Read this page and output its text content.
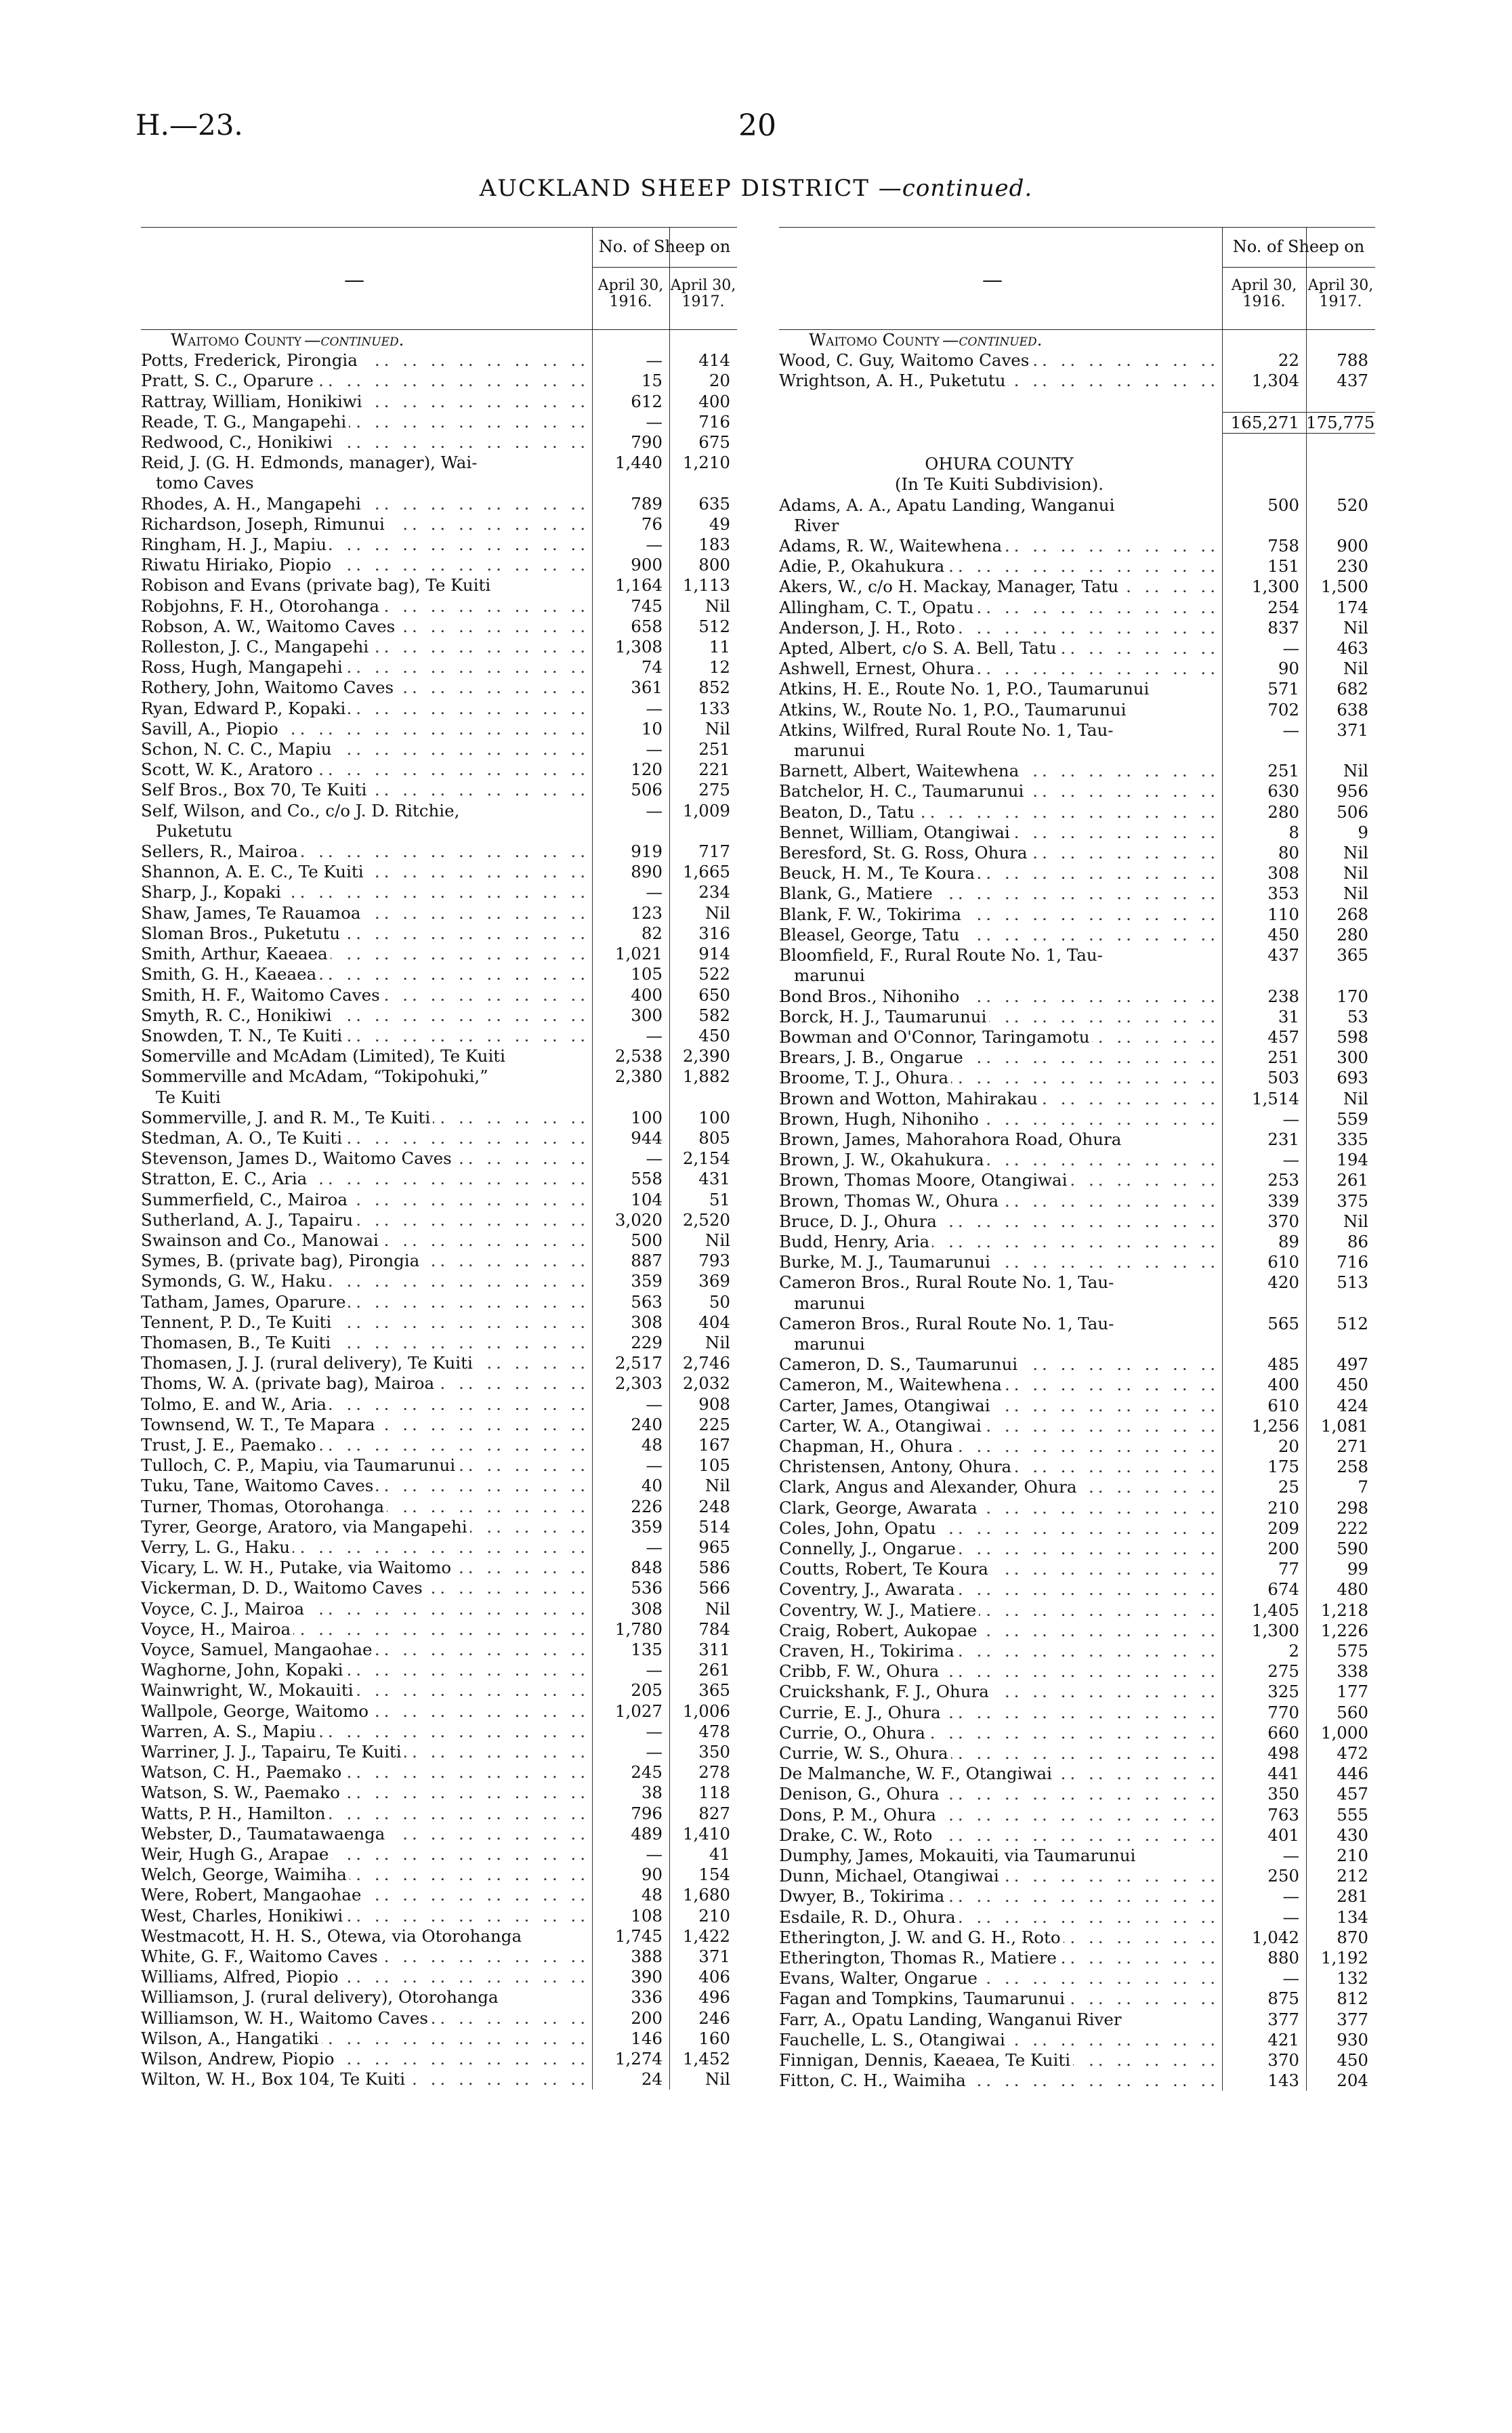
H.—23.	20
AUCKLAND SHEEP DISTRICT —continued.
—
No. of Sheep on
April 30,
1916.
April 30,
1917.
Waitomo County —continued.
Potts, Frederick, Pirongia .. ..	—	414
Pratt, S. C., Oparure .. ..	15	20
Rattray, William, Honikiwi .. ..	612	400
Reade, T. G., Mangapehi .. ..	—	716
Redwood, C., Honikiwi .. ..	790	675
Reid, J. (G. H. Edmonds, manager), Wai-	1,440	1,210
tomo Caves
Rhodes, A. H., Mangapehi .. ..	789	635
Richardson, Joseph, Rimunui .. ..	76	49
Ringham, H. J., Mapiu .. ..	—	183
Riwatu Hiriako, Piopio .. ..	900	800
Robison and Evans (private bag), Te Kuiti	1,164	1,113
Robjohns, F. H., Otorohanga .. ..	745	Nil
Robson, A. W., Waitomo Caves .. ..	658	512
Rolleston, J. C., Mangapehi .. ..	1,308	11
Ross, Hugh, Mangapehi .. ..	74	12
Rothery, John, Waitomo Caves .. ..	361	852
Ryan, Edward P., Kopaki .. ..	—	133
Savill, A., Piopio .. ..	10	Nil
Schon, N. C. C., Mapiu .. ..	—	251
Scott, W. K., Aratoro .. ..	120	221
Self Bros., Box 70, Te Kuiti .. ..	506	275
Self, Wilson, and Co., c/o J. D. Ritchie,	—	1,009
Puketutu
Sellers, R., Mairoa .. ..	919	717
Shannon, A. E. C., Te Kuiti .. ..	890	1,665
Sharp, J., Kopaki .. ..	—	234
Shaw, James, Te Rauamoa .. ..	123	Nil
Sloman Bros., Puketutu .. ..	82	316
Smith, Arthur, Kaeaea .. ..	1,021	914
Smith, G. H., Kaeaea .. ..	105	522
Smith, H. F., Waitomo Caves .. ..	400	650
Smyth, R. C., Honikiwi .. ..	300	582
Snowden, T. N., Te Kuiti .. ..	—	450
Somerville and McAdam (Limited), Te Kuiti	2,538	2,390
Sommerville and McAdam, “Tokipohuki,”	2,380	1,882
Te Kuiti
Sommerville, J. and R. M., Te Kuiti .. ..	100	100
Stedman, A. O., Te Kuiti .. ..	944	805
Stevenson, James D., Waitomo Caves .. ..	—	2,154
Stratton, E. C., Aria .. ..	558	431
Summerfield, C., Mairoa .. ..	104	51
Sutherland, A. J., Tapairu .. ..	3,020	2,520
Swainson and Co., Manowai .. ..	500	Nil
Symes, B. (private bag), Pirongia .. ..	887	793
Symonds, G. W., Haku .. ..	359	369
Tatham, James, Oparure .. ..	563	50
Tennent, P. D., Te Kuiti .. ..	308	404
Thomasen, B., Te Kuiti .. ..	229	Nil
Thomasen, J. J. (rural delivery), Te Kuiti .. ..	2,517	2,746
Thoms, W. A. (private bag), Mairoa .. ..	2,303	2,032
Tolmo, E. and W., Aria .. ..	—	908
Townsend, W. T., Te Mapara .. ..	240	225
Trust, J. E., Paemako .. ..	48	167
Tulloch, C. P., Mapiu, via Taumarunui .. ..	—	105
Tuku, Tane, Waitomo Caves .. ..	40	Nil
Turner, Thomas, Otorohanga .. ..	226	248
Tyrer, George, Aratoro, via Mangapehi .. ..	359	514
Verry, L. G., Haku .. ..	—	965
Vicary, L. W. H., Putake, via Waitomo .. ..	848	586
Vickerman, D. D., Waitomo Caves .. ..	536	566
Voyce, C. J., Mairoa .. ..	308	Nil
Voyce, H., Mairoa .. ..	1,780	784
Voyce, Samuel, Mangaohae .. ..	135	311
Waghorne, John, Kopaki .. ..	—	261
Wainwright, W., Mokauiti .. ..	205	365
Wallpole, George, Waitomo .. ..	1,027	1,006
Warren, A. S., Mapiu .. ..	—	478
Warriner, J. J., Tapairu, Te Kuiti .. ..	—	350
Watson, C. H., Paemako .. ..	245	278
Watson, S. W., Paemako .. ..	38	118
Watts, P. H., Hamilton .. ..	796	827
Webster, D., Taumatawaenga .. ..	489	1,410
Weir, Hugh G., Arapae .. ..	—	41
Welch, George, Waimiha .. ..	90	154
Were, Robert, Mangaohae .. ..	48	1,680
West, Charles, Honikiwi .. ..	108	210
Westmacott, H. H. S., Otewa, via Otorohanga	1,745	1,422
White, G. F., Waitomo Caves .. ..	388	371
Williams, Alfred, Piopio .. ..	390	406
Williamson, J. (rural delivery), Otorohanga	336	496
Williamson, W. H., Waitomo Caves .. ..	200	246
Wilson, A., Hangatiki .. ..	146	160
Wilson, Andrew, Piopio .. ..	1,274	1,452
Wilton, W. H., Box 104, Te Kuiti .. ..	24	Nil
—
No. of Sheep on
April 30,
1916.
April 30,
1917.
Waitomo County —continued.
Wood, C. Guy, Waitomo Caves .. ..	22	788
Wrightson, A. H., Puketutu .. ..	1,304	437

165,271 175,775

OHURA COUNTY
(In Te Kuiti Subdivision).
Adams, A. A., Apatu Landing, Wanganui	500	520
River
Adams, R. W., Waitewhena .. ..	758	900
Adie, P., Okahukura .. ..	151	230
Akers, W., c/o H. Mackay, Manager, Tatu .. ..	1,300	1,500
Allingham, C. T., Opatu .. ..	254	174
Anderson, J. H., Roto .. ..	837	Nil
Apted, Albert, c/o S. A. Bell, Tatu .. ..	—	463
Ashwell, Ernest, Ohura .. ..	90	Nil
Atkins, H. E., Route No. 1, P.O., Taumarunui	571	682
Atkins, W., Route No. 1, P.O., Taumarunui	702	638
Atkins, Wilfred, Rural Route No. 1, Tau-	—	371
marunui
Barnett, Albert, Waitewhena .. ..	251	Nil
Batchelor, H. C., Taumarunui .. ..	630	956
Beaton, D., Tatu .. ..	280	506
Bennet, William, Otangiwai .. ..	8	9
Beresford, St. G. Ross, Ohura .. ..	80	Nil
Beuck, H. M., Te Koura .. ..	308	Nil
Blank, G., Matiere .. ..	353	Nil
Blank, F. W., Tokirima .. ..	110	268
Bleasel, George, Tatu .. ..	450	280
Bloomfield, F., Rural Route No. 1, Tau-	437	365
marunui
Bond Bros., Nihoniho .. ..	238	170
Borck, H. J., Taumarunui .. ..	31	53
Bowman and O'Connor, Taringamotu .. ..	457	598
Brears, J. B., Ongarue .. ..	251	300
Broome, T. J., Ohura .. ..	503	693
Brown and Wotton, Mahirakau .. ..	1,514	Nil
Brown, Hugh, Nihoniho .. ..	—	559
Brown, James, Mahorahora Road, Ohura	231	335
Brown, J. W., Okahukura .. ..	—	194
Brown, Thomas Moore, Otangiwai .. ..	253	261
Brown, Thomas W., Ohura .. ..	339	375
Bruce, D. J., Ohura .. ..	370	Nil
Budd, Henry, Aria .. ..	89	86
Burke, M. J., Taumarunui .. ..	610	716
Cameron Bros., Rural Route No. 1, Tau-	420	513
marunui
Cameron Bros., Rural Route No. 1, Tau-	565	512
marunui
Cameron, D. S., Taumarunui .. ..	485	497
Cameron, M., Waitewhena .. ..	400	450
Carter, James, Otangiwai .. ..	610	424
Carter, W. A., Otangiwai .. ..	1,256	1,081
Chapman, H., Ohura .. ..	20	271
Christensen, Antony, Ohura .. ..	175	258
Clark, Angus and Alexander, Ohura .. ..	25	7
Clark, George, Awarata .. ..	210	298
Coles, John, Opatu .. ..	209	222
Connelly, J., Ongarue .. ..	200	590
Coutts, Robert, Te Koura .. ..	77	99
Coventry, J., Awarata .. ..	674	480
Coventry, W. J., Matiere .. ..	1,405	1,218
Craig, Robert, Aukopae .. ..	1,300	1,226
Craven, H., Tokirima .. ..	2	575
Cribb, F. W., Ohura .. ..	275	338
Cruickshank, F. J., Ohura .. ..	325	177
Currie, E. J., Ohura .. ..	770	560
Currie, O., Ohura .. ..	660	1,000
Currie, W. S., Ohura .. ..	498	472
De Malmanche, W. F., Otangiwai .. ..	441	446
Denison, G., Ohura .. ..	350	457
Dons, P. M., Ohura .. ..	763	555
Drake, C. W., Roto .. ..	401	430
Dumphy, James, Mokauiti, via Taumarunui	—	210
Dunn, Michael, Otangiwai .. ..	250	212
Dwyer, B., Tokirima .. ..	—	281
Esdaile, R. D., Ohura .. ..	—	134
Etherington, J. W. and G. H., Roto .. ..	1,042	870
Etherington, Thomas R., Matiere .. ..	880	1,192
Evans, Walter, Ongarue .. ..	—	132
Fagan and Tompkins, Taumarunui .. ..	875	812
Farr, A., Opatu Landing, Wanganui River	377	377
Fauchelle, L. S., Otangiwai .. ..	421	930
Finnigan, Dennis, Kaeaea, Te Kuiti .. ..	370	450
Fitton, C. H., Waimiha .. ..	143	204
